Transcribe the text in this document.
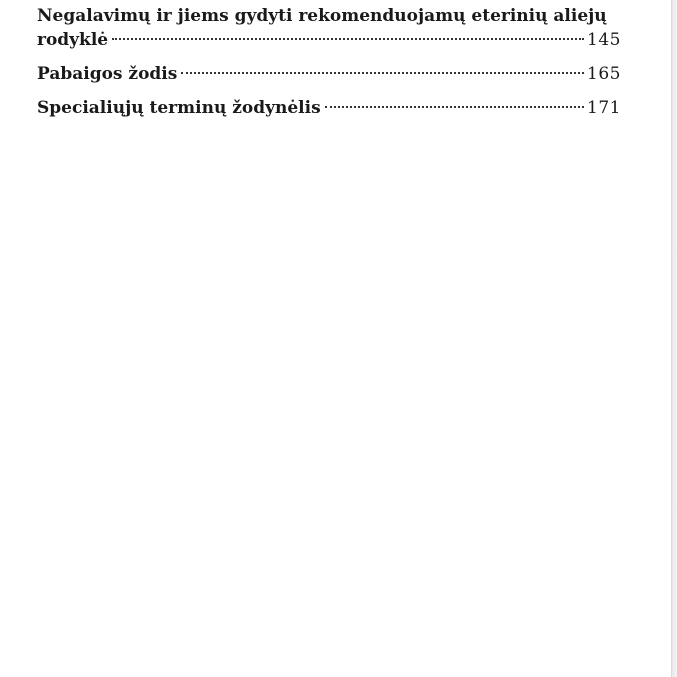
Negalavimų ir jiems gydyti rekomenduojamų eterinių aliejų
rodyklė	145
Pabaigos žodis	165
Specialiųjų terminų žodynėlis	171
